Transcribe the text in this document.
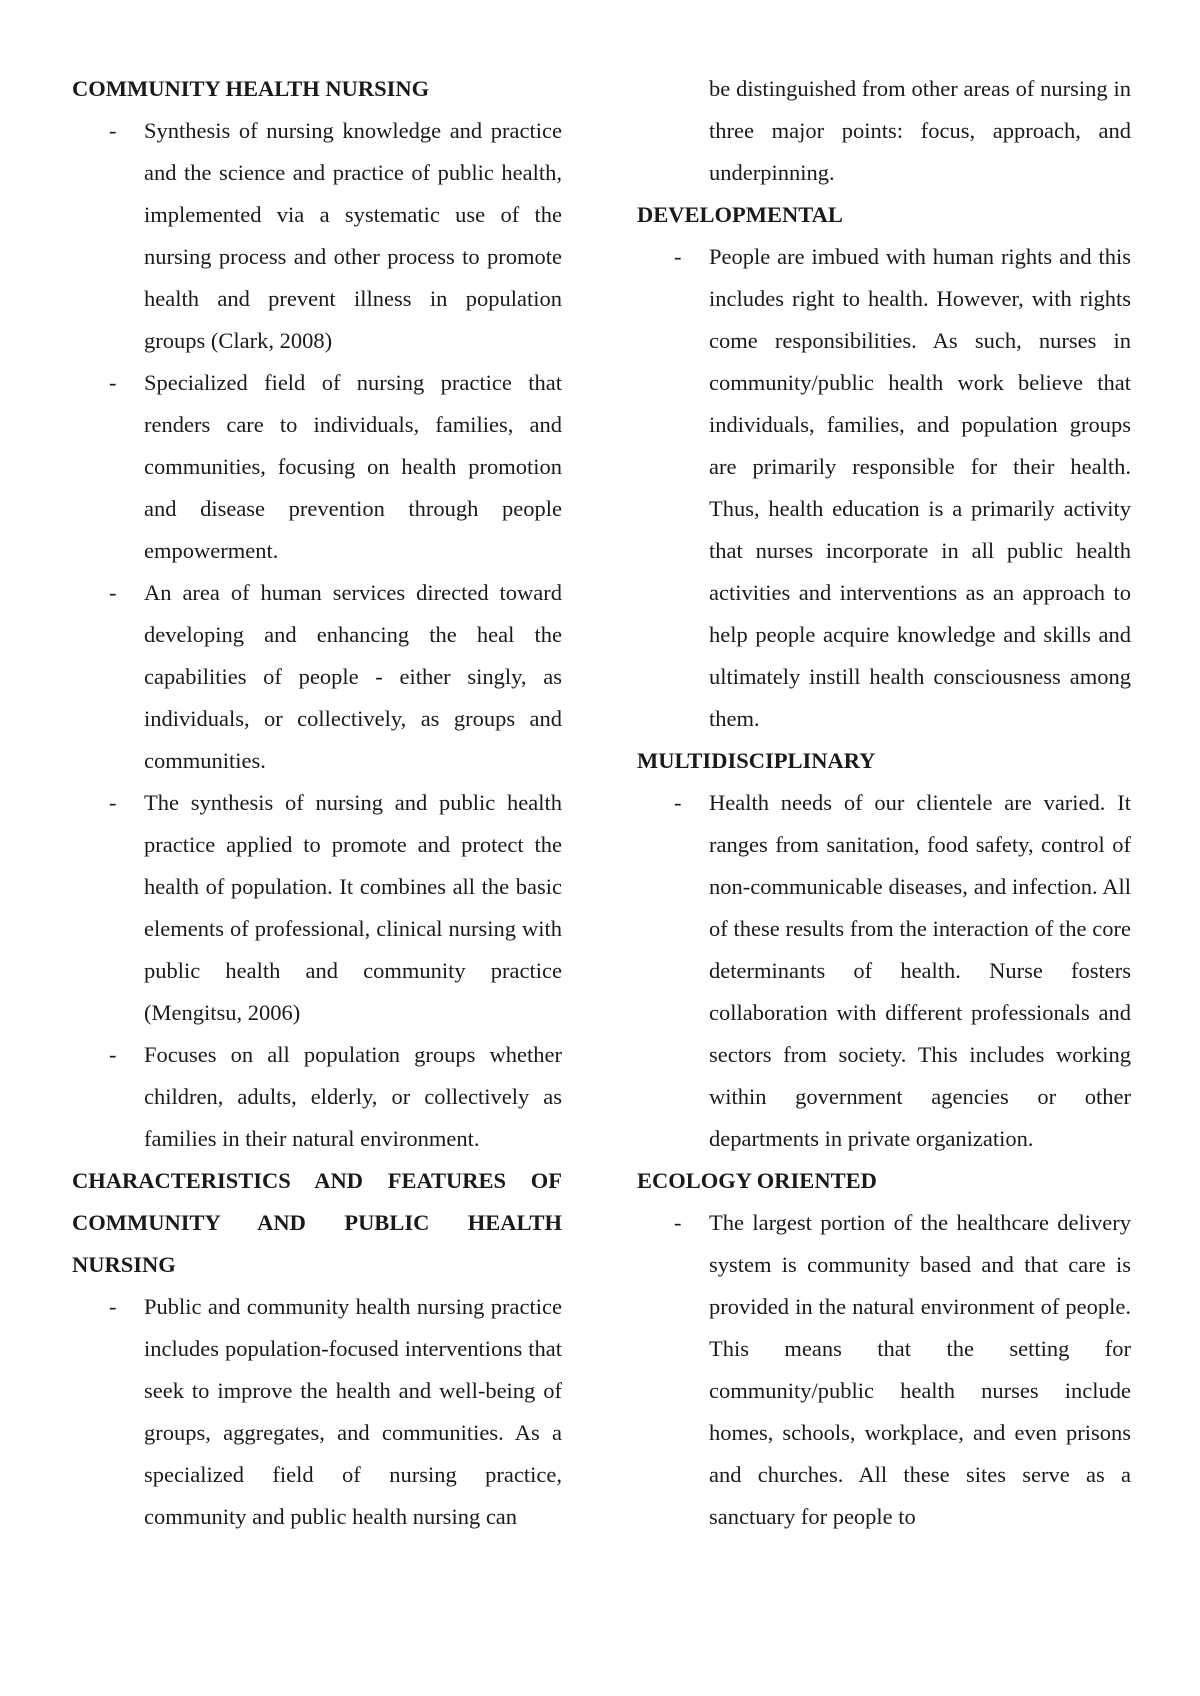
COMMUNITY HEALTH NURSING

- Synthesis of nursing knowledge and practice and the science and practice of public health, implemented via a systematic use of the nursing process and other process to promote health and prevent illness in population groups (Clark, 2008)
- Specialized field of nursing practice that renders care to individuals, families, and communities, focusing on health promotion and disease prevention through people empowerment.
- An area of human services directed toward developing and enhancing the heal the capabilities of people - either singly, as individuals, or collectively, as groups and communities.
- The synthesis of nursing and public health practice applied to promote and protect the health of population. It combines all the basic elements of professional, clinical nursing with public health and community practice (Mengitsu, 2006)
- Focuses on all population groups whether children, adults, elderly, or collectively as families in their natural environment.

CHARACTERISTICS AND FEATURES OF COMMUNITY AND PUBLIC HEALTH NURSING

- Public and community health nursing practice includes population-focused interventions that seek to improve the health and well-being of groups, aggregates, and communities. As a specialized field of nursing practice, community and public health nursing can

be distinguished from other areas of nursing in three major points: focus, approach, and underpinning.

DEVELOPMENTAL

- People are imbued with human rights and this includes right to health. However, with rights come responsibilities. As such, nurses in community/public health work believe that individuals, families, and population groups are primarily responsible for their health. Thus, health education is a primarily activity that nurses incorporate in all public health activities and interventions as an approach to help people acquire knowledge and skills and ultimately instill health consciousness among them.

MULTIDISCIPLINARY

- Health needs of our clientele are varied. It ranges from sanitation, food safety, control of non-communicable diseases, and infection. All of these results from the interaction of the core determinants of health. Nurse fosters collaboration with different professionals and sectors from society. This includes working within government agencies or other departments in private organization.

ECOLOGY ORIENTED

- The largest portion of the healthcare delivery system is community based and that care is provided in the natural environment of people. This means that the setting for community/public health nurses include homes, schools, workplace, and even prisons and churches. All these sites serve as a sanctuary for people to
